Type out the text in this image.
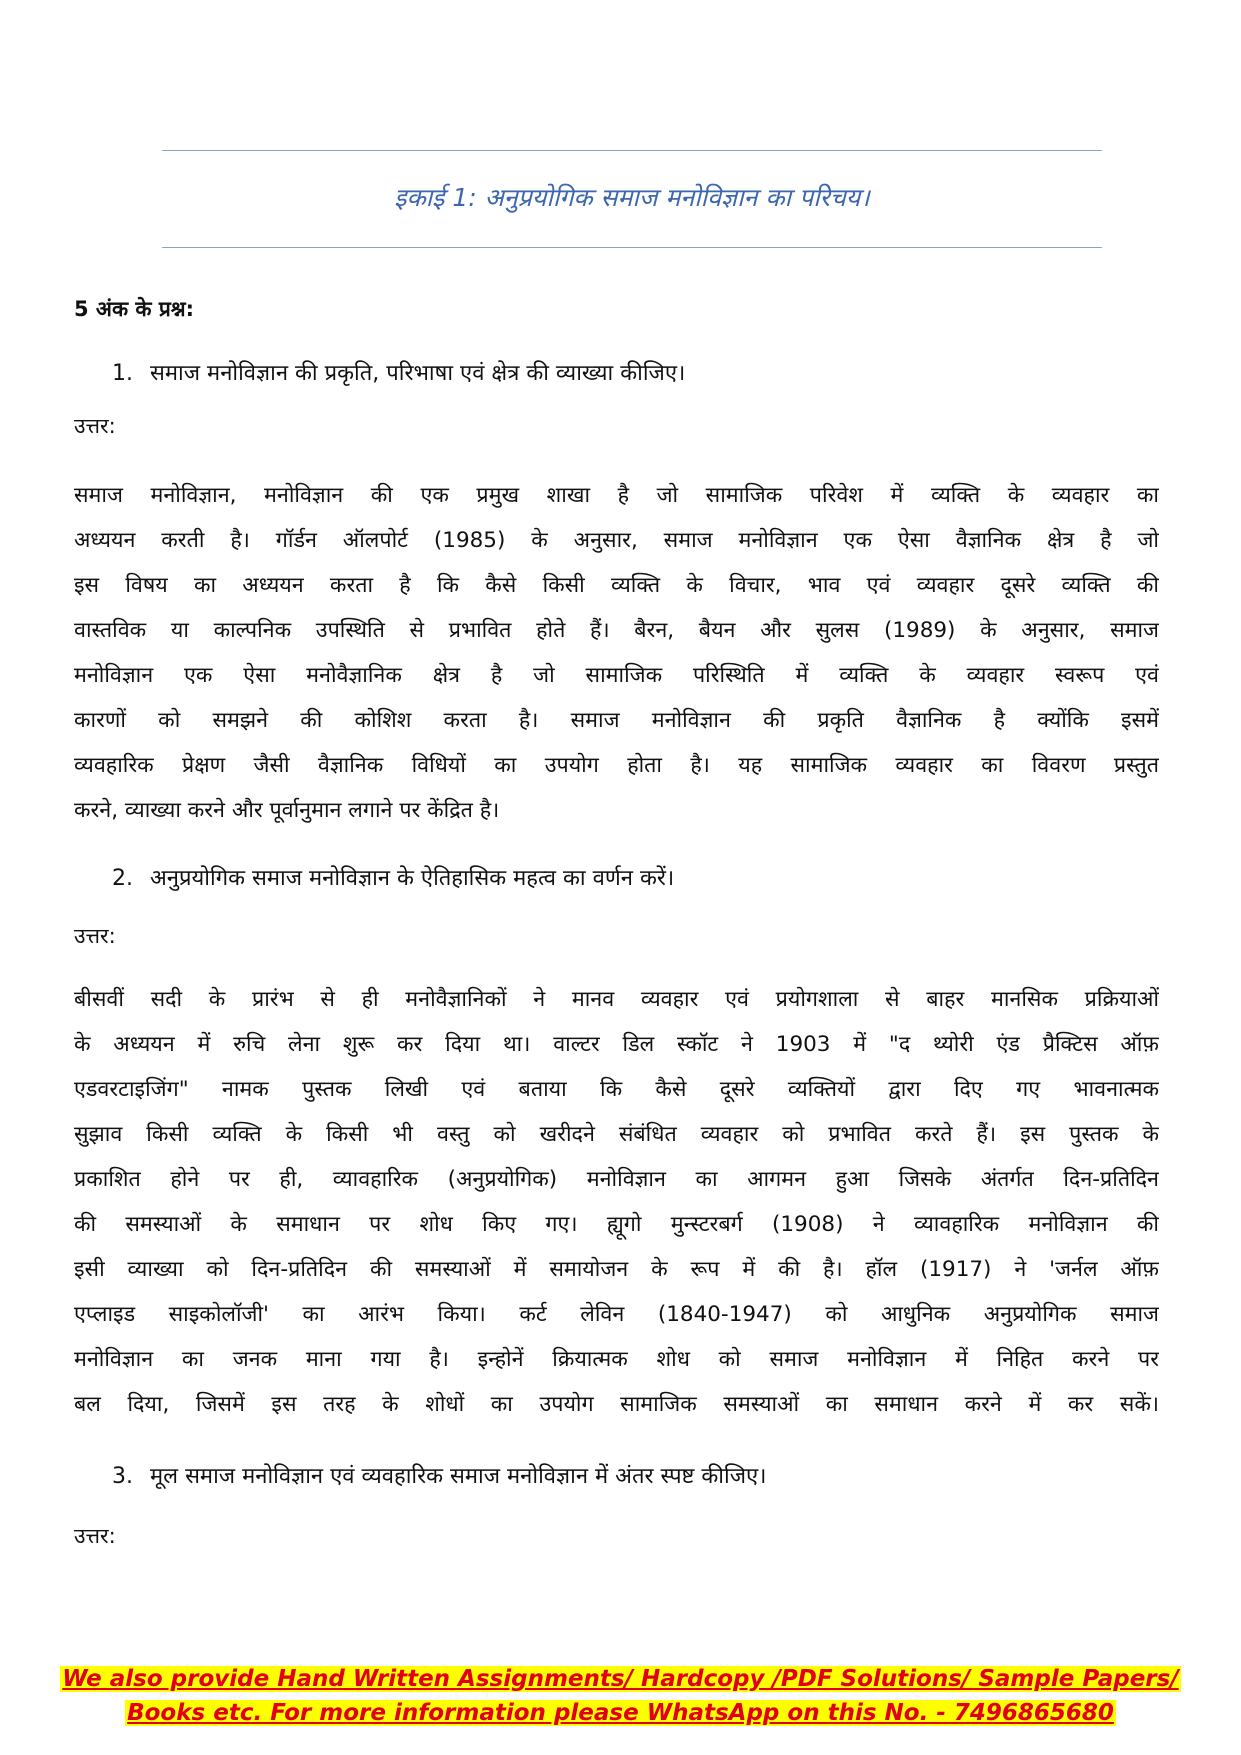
इकाई 1: अनुप्रयोगिक समाज मनोविज्ञान का परिचय।
5 अंक के प्रश्न:
1. समाज मनोविज्ञान की प्रकृति, परिभाषा एवं क्षेत्र की व्याख्या कीजिए।
उत्तर:
समाज मनोविज्ञान, मनोविज्ञान की एक प्रमुख शाखा है जो सामाजिक परिवेश में व्यक्ति के व्यवहार का
अध्ययन करती है। गॉर्डन ऑलपोर्ट (1985) के अनुसार, समाज मनोविज्ञान एक ऐसा वैज्ञानिक क्षेत्र है जो
इस विषय का अध्ययन करता है कि कैसे किसी व्यक्ति के विचार, भाव एवं व्यवहार दूसरे व्यक्ति की
वास्तविक या काल्पनिक उपस्थिति से प्रभावित होते हैं। बैरन, बैयन और सुलस (1989) के अनुसार, समाज
मनोविज्ञान एक ऐसा मनोवैज्ञानिक क्षेत्र है जो सामाजिक परिस्थिति में व्यक्ति के व्यवहार स्वरूप एवं
कारणों को समझने की कोशिश करता है। समाज मनोविज्ञान की प्रकृति वैज्ञानिक है क्योंकि इसमें
व्यवहारिक प्रेक्षण जैसी वैज्ञानिक विधियों का उपयोग होता है। यह सामाजिक व्यवहार का विवरण प्रस्तुत
करने, व्याख्या करने और पूर्वानुमान लगाने पर केंद्रित है।
2. अनुप्रयोगिक समाज मनोविज्ञान के ऐतिहासिक महत्व का वर्णन करें।
उत्तर:
बीसवीं सदी के प्रारंभ से ही मनोवैज्ञानिकों ने मानव व्यवहार एवं प्रयोगशाला से बाहर मानसिक प्रक्रियाओं
के अध्ययन में रुचि लेना शुरू कर दिया था। वाल्टर डिल स्कॉट ने 1903 में "द थ्योरी एंड प्रैक्टिस ऑफ़
एडवरटाइजिंग" नामक पुस्तक लिखी एवं बताया कि कैसे दूसरे व्यक्तियों द्वारा दिए गए भावनात्मक
सुझाव किसी व्यक्ति के किसी भी वस्तु को खरीदने संबंधित व्यवहार को प्रभावित करते हैं। इस पुस्तक के
प्रकाशित होने पर ही, व्यावहारिक (अनुप्रयोगिक) मनोविज्ञान का आगमन हुआ जिसके अंतर्गत दिन-प्रतिदिन
की समस्याओं के समाधान पर शोध किए गए। ह्यूगो मुन्स्टरबर्ग (1908) ने व्यावहारिक मनोविज्ञान की
इसी व्याख्या को दिन-प्रतिदिन की समस्याओं में समायोजन के रूप में की है। हॉल (1917) ने 'जर्नल ऑफ़
एप्लाइड साइकोलॉजी' का आरंभ किया। कर्ट लेविन (1840-1947) को आधुनिक अनुप्रयोगिक समाज
मनोविज्ञान का जनक माना गया है। इन्होनें क्रियात्मक शोध को समाज मनोविज्ञान में निहित करने पर
बल दिया, जिसमें इस तरह के शोधों का उपयोग सामाजिक समस्याओं का समाधान करने में कर सकें।
3. मूल समाज मनोविज्ञान एवं व्यवहारिक समाज मनोविज्ञान में अंतर स्पष्ट कीजिए।
उत्तर:
We also provide Hand Written Assignments/ Hardcopy /PDF Solutions/ Sample Papers/
Books etc. For more information please WhatsApp on this No. - 7496865680
